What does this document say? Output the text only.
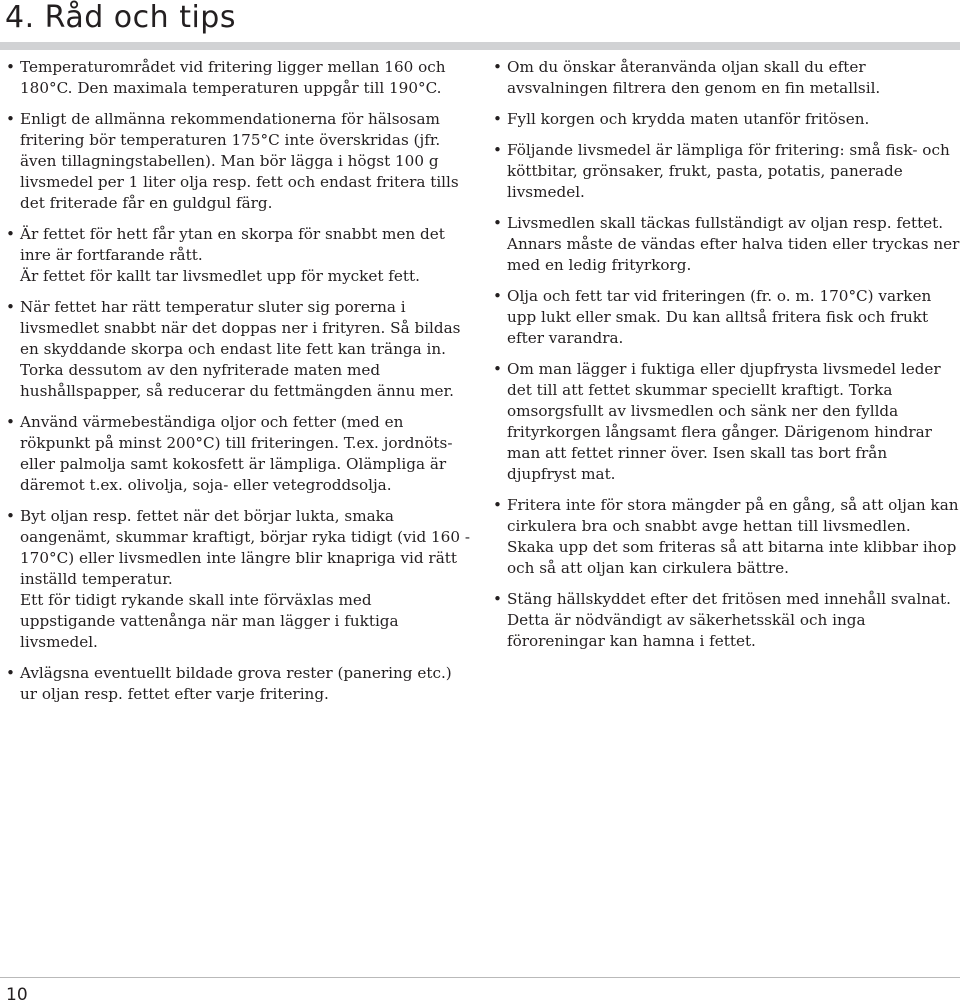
4. Råd och tips
• Temperaturområdet vid fritering ligger mellan 160 och 180°C. Den maximala temperaturen uppgår till 190°C.

• Enligt de allmänna rekommendationerna för hälsosam fritering bör temperaturen 175°C inte överskridas (jfr. även tillagningstabellen). Man bör lägga i högst 100 g livsmedel per 1 liter olja resp. fett och endast fritera tills det friterade får en guldgul färg.

• Är fettet för hett får ytan en skorpa för snabbt men det inre är fortfarande rått.

Är fettet för kallt tar livsmedlet upp för mycket fett.

• När fettet har rätt temperatur sluter sig porerna i livsmedlet snabbt när det doppas ner i frityren. Så bildas en skyddande skorpa och endast lite fett kan tränga in. Torka dessutom av den nyfriterade maten med hushållspapper, så reducerar du fettmängden ännu mer.

• Använd värmebeständiga oljor och fetter (med en rökpunkt på minst 200°C) till friteringen. T.ex. jordnöts- eller palmolja samt kokosfett är lämpliga. Olämpliga är däremot t.ex. olivolja, soja- eller vetegroddsolja.

• Byt oljan resp. fettet när det börjar lukta, smaka oangenämt, skummar kraftigt, börjar ryka tidigt (vid 160 - 170°C) eller livsmedlen inte längre blir knapriga vid rätt inställd temperatur.

Ett för tidigt rykande skall inte förväxlas med uppstigande vattenånga när man lägger i fuktiga livsmedel.

• Avlägsna eventuellt bildade grova rester (panering etc.) ur oljan resp. fettet efter varje fritering.

• Om du önskar återanvända oljan skall du efter avsvalningen filtrera den genom en fin metallsil.

• Fyll korgen och krydda maten utanför fritösen.

• Följande livsmedel är lämpliga för fritering: små fisk- och köttbitar, grönsaker, frukt, pasta, potatis, panerade livsmedel.

• Livsmedlen skall täckas fullständigt av oljan resp. fettet. Annars måste de vändas efter halva tiden eller tryckas ner med en ledig frityrkorg.

• Olja och fett tar vid friteringen (fr. o. m. 170°C) varken upp lukt eller smak. Du kan alltså fritera fisk och frukt efter varandra.

• Om man lägger i fuktiga eller djupfrysta livsmedel leder det till att fettet skummar speciellt kraftigt. Torka omsorgsfullt av livsmedlen och sänk ner den fyllda frityrkorgen långsamt flera gånger. Därigenom hindrar man att fettet rinner över. Isen skall tas bort från djupfryst mat.

• Fritera inte för stora mängder på en gång, så att oljan kan cirkulera bra och snabbt avge hettan till livsmedlen. Skaka upp det som friteras så att bitarna inte klibbar ihop och så att oljan kan cirkulera bättre.

• Stäng hällskyddet efter det fritösen med innehåll svalnat. Detta är nödvändigt av säkerhetsskäl och inga föroreningar kan hamna i fettet.

10
